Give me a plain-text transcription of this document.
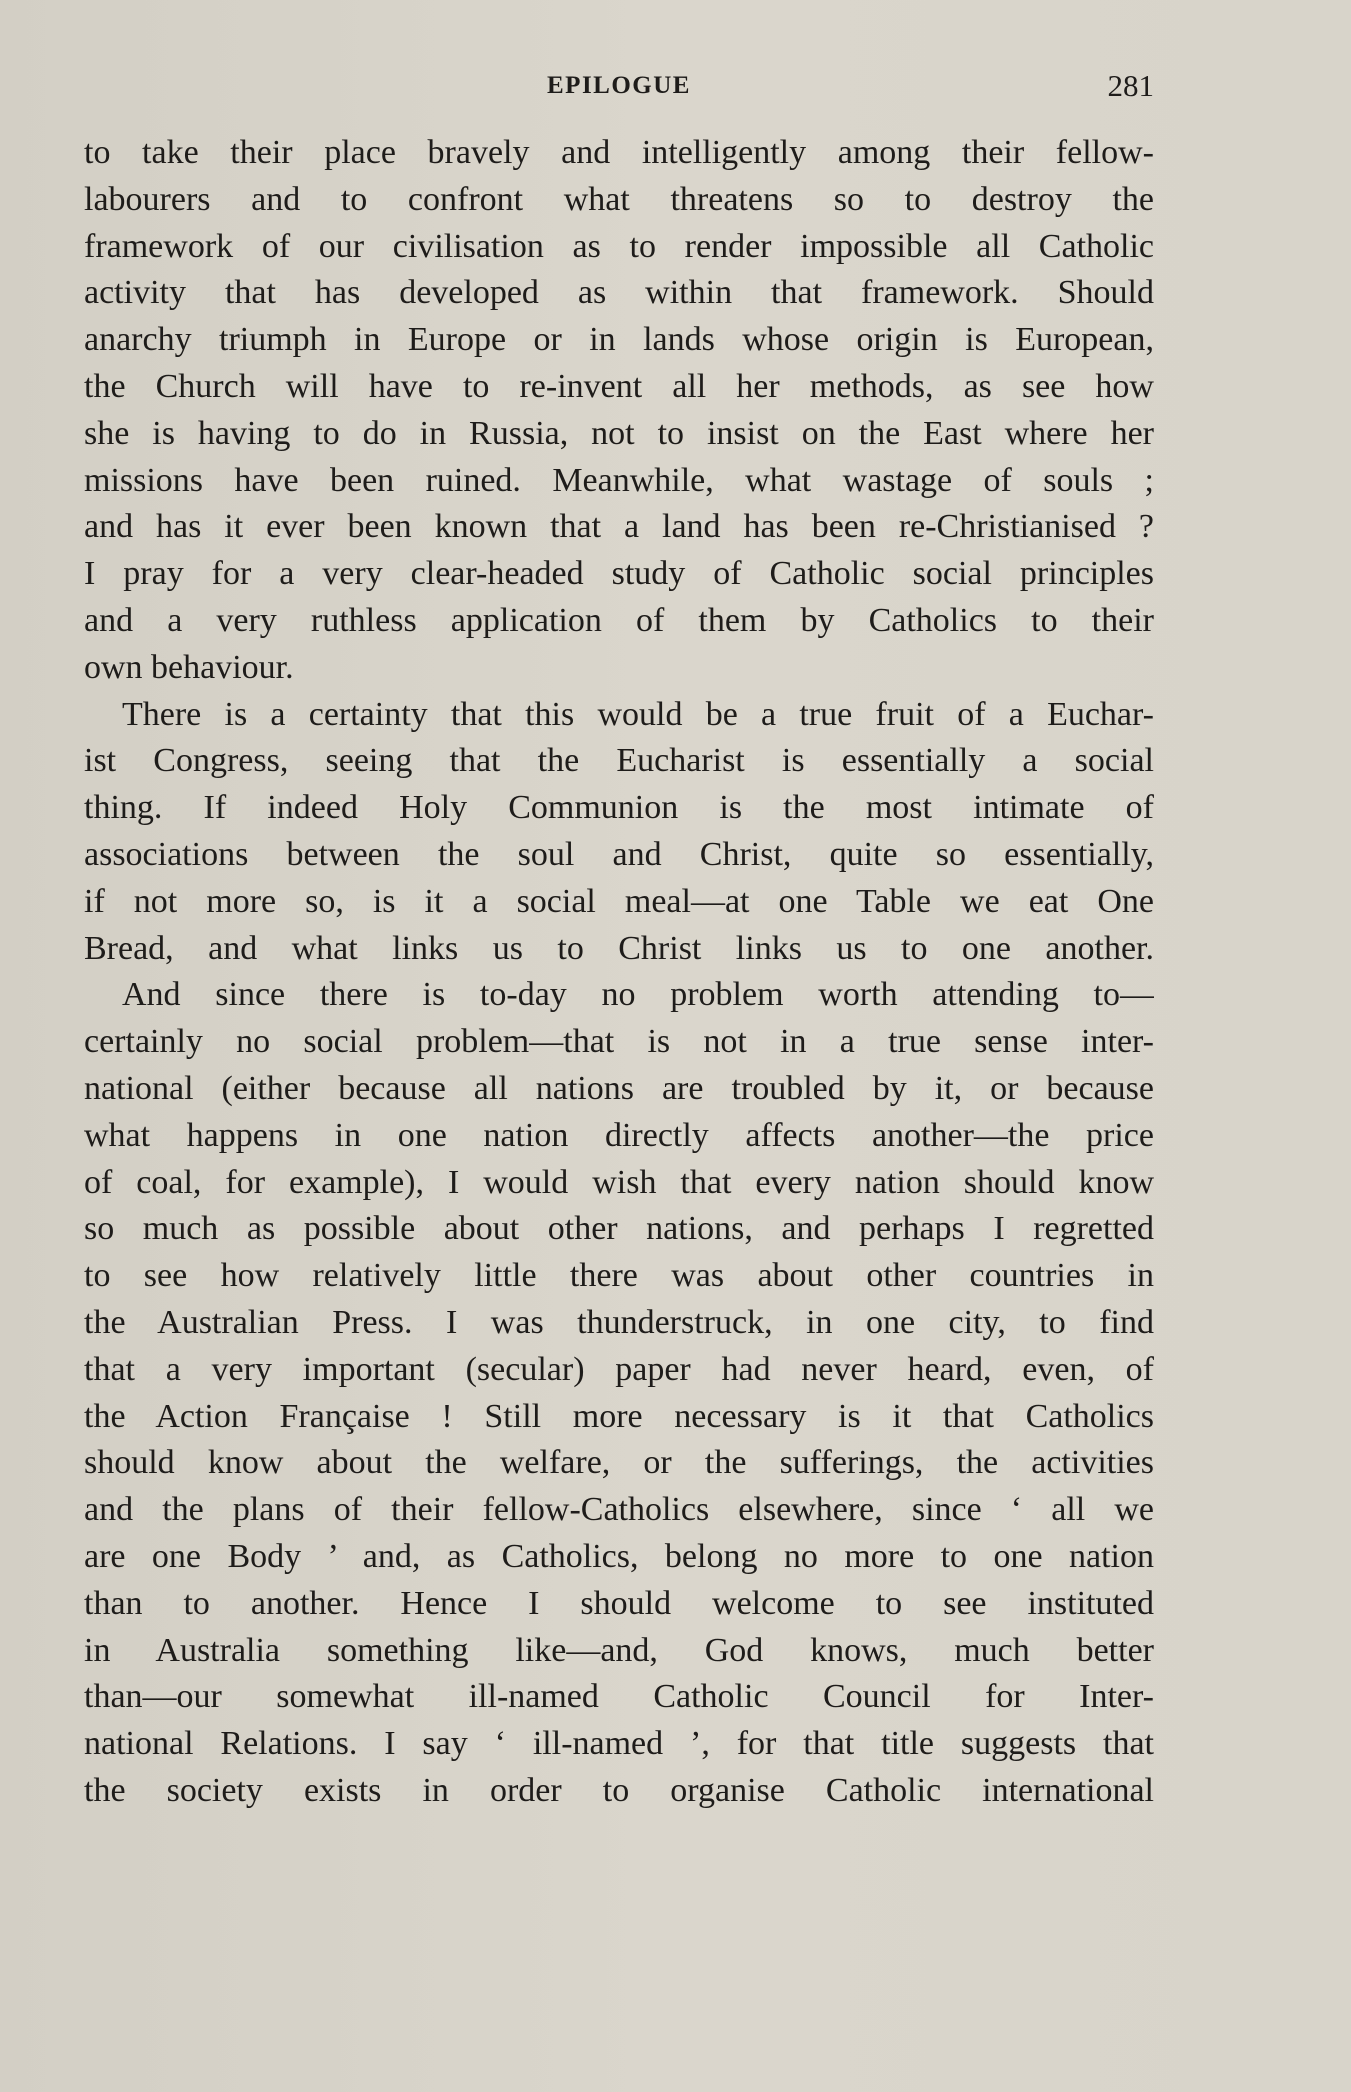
EPILOGUE	281
to take their place bravely and intelligently among their fellow-
labourers and to confront what threatens so to destroy the
framework of our civilisation as to render impossible all Catholic
activity that has developed as within that framework. Should
anarchy triumph in Europe or in lands whose origin is European,
the Church will have to re-invent all her methods, as see how
she is having to do in Russia, not to insist on the East where her
missions have been ruined. Meanwhile, what wastage of souls ;
and has it ever been known that a land has been re-Christianised ?
I pray for a very clear-headed study of Catholic social principles
and a very ruthless application of them by Catholics to their
own behaviour.
There is a certainty that this would be a true fruit of a Euchar-
ist Congress, seeing that the Eucharist is essentially a social
thing. If indeed Holy Communion is the most intimate of
associations between the soul and Christ, quite so essentially,
if not more so, is it a social meal—at one Table we eat One
Bread, and what links us to Christ links us to one another.
And since there is to-day no problem worth attending to—
certainly no social problem—that is not in a true sense inter-
national (either because all nations are troubled by it, or because
what happens in one nation directly affects another—the price
of coal, for example), I would wish that every nation should know
so much as possible about other nations, and perhaps I regretted
to see how relatively little there was about other countries in
the Australian Press. I was thunderstruck, in one city, to find
that a very important (secular) paper had never heard, even, of
the Action Française ! Still more necessary is it that Catholics
should know about the welfare, or the sufferings, the activities
and the plans of their fellow-Catholics elsewhere, since ‘ all we
are one Body ’ and, as Catholics, belong no more to one nation
than to another. Hence I should welcome to see instituted
in Australia something like—and, God knows, much better
than—our somewhat ill-named Catholic Council for Inter-
national Relations. I say ‘ ill-named ’, for that title suggests that
the society exists in order to organise Catholic international
